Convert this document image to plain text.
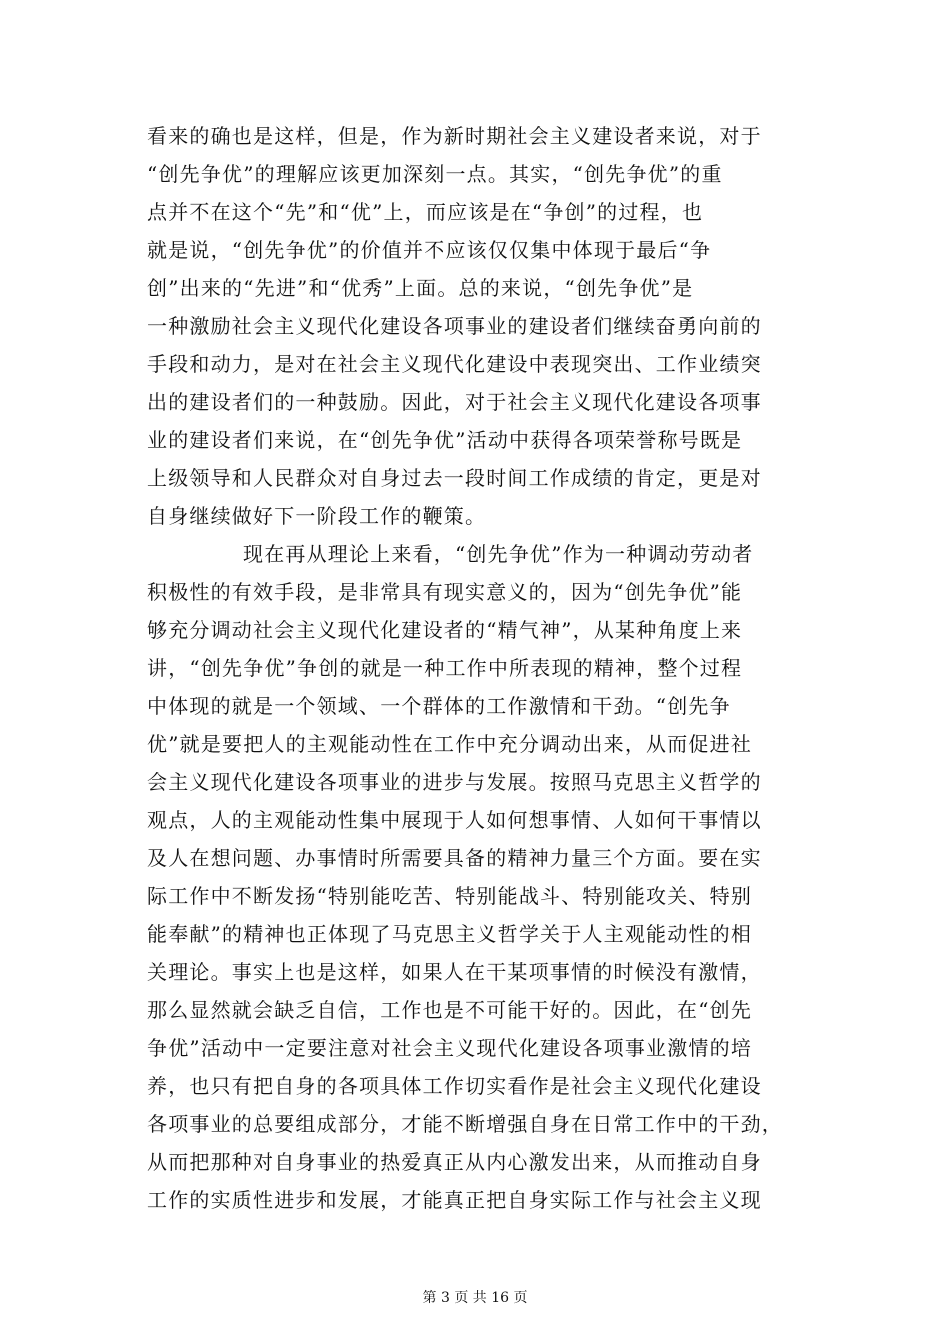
看来的确也是这样，但是，作为新时期社会主义建设者来说，对于
“创先争优”的理解应该更加深刻一点。其实，“创先争优”的重
点并不在这个“先”和“优”上，而应该是在“争创”的过程，也
就是说，“创先争优”的价值并不应该仅仅集中体现于最后“争
创”出来的“先进”和“优秀”上面。总的来说，“创先争优”是
一种激励社会主义现代化建设各项事业的建设者们继续奋勇向前的
手段和动力，是对在社会主义现代化建设中表现突出、工作业绩突
出的建设者们的一种鼓励。因此，对于社会主义现代化建设各项事
业的建设者们来说，在“创先争优”活动中获得各项荣誉称号既是
上级领导和人民群众对自身过去一段时间工作成绩的肯定，更是对
自身继续做好下一阶段工作的鞭策。
现在再从理论上来看，“创先争优”作为一种调动劳动者
积极性的有效手段，是非常具有现实意义的，因为“创先争优”能
够充分调动社会主义现代化建设者的“精气神”，从某种角度上来
讲，“创先争优”争创的就是一种工作中所表现的精神，整个过程
中体现的就是一个领域、一个群体的工作激情和干劲。“创先争
优”就是要把人的主观能动性在工作中充分调动出来，从而促进社
会主义现代化建设各项事业的进步与发展。按照马克思主义哲学的
观点，人的主观能动性集中展现于人如何想事情、人如何干事情以
及人在想问题、办事情时所需要具备的精神力量三个方面。要在实
际工作中不断发扬“特别能吃苦、特别能战斗、特别能攻关、特别
能奉献”的精神也正体现了马克思主义哲学关于人主观能动性的相
关理论。事实上也是这样，如果人在干某项事情的时候没有激情，
那么显然就会缺乏自信，工作也是不可能干好的。因此，在“创先
争优”活动中一定要注意对社会主义现代化建设各项事业激情的培
养，也只有把自身的各项具体工作切实看作是社会主义现代化建设
各项事业的总要组成部分，才能不断增强自身在日常工作中的干劲，
从而把那种对自身事业的热爱真正从内心激发出来，从而推动自身
工作的实质性进步和发展，才能真正把自身实际工作与社会主义现
第 3 页 共 16 页
